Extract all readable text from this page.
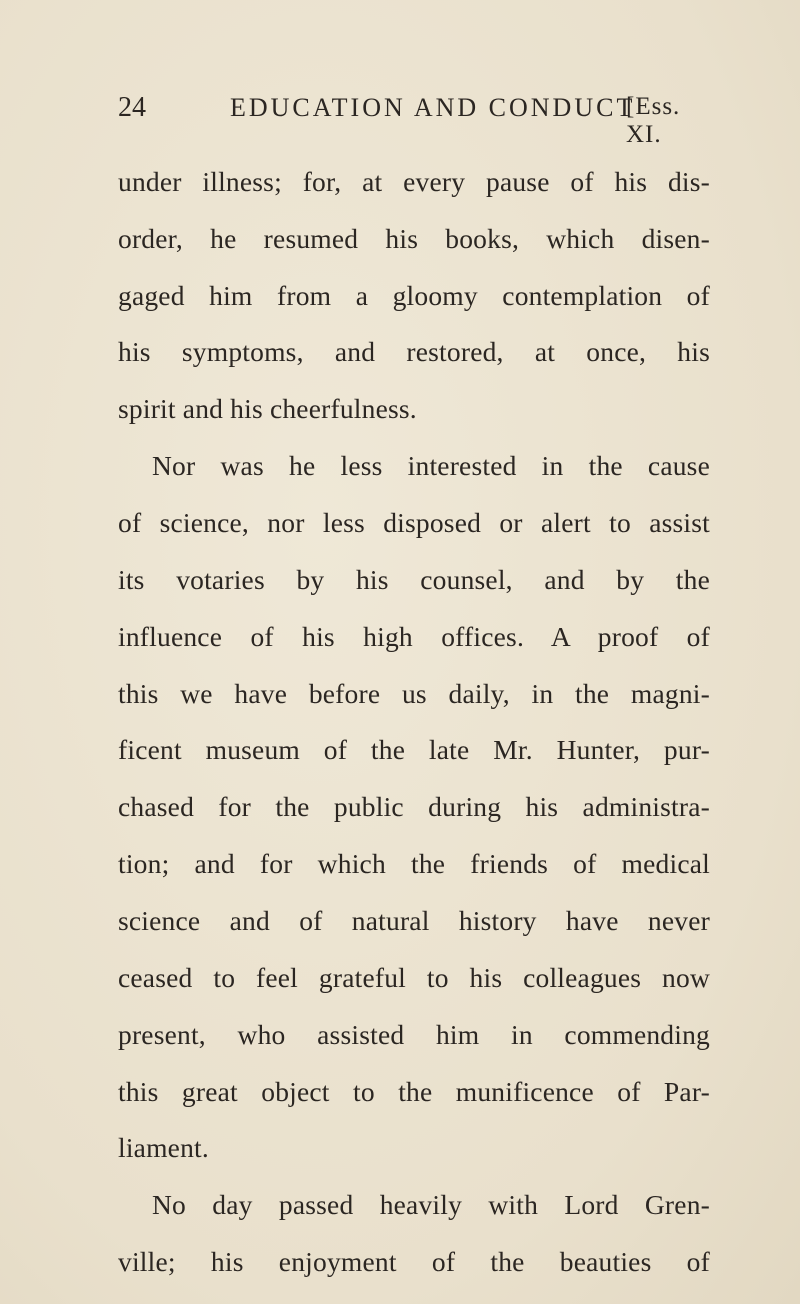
24	EDUCATION AND CONDUCT
[Ess. XI.
under illness; for, at every pause of his dis-
order, he resumed his books, which disen-
gaged him from a gloomy contemplation of
his symptoms, and restored, at once, his
spirit and his cheerfulness.
Nor was he less interested in the cause
of science, nor less disposed or alert to assist
its votaries by his counsel, and by the
influence of his high offices. A proof of
this we have before us daily, in the magni-
ficent museum of the late Mr. Hunter, pur-
chased for the public during his administra-
tion; and for which the friends of medical
science and of natural history have never
ceased to feel grateful to his colleagues now
present, who assisted him in commending
this great object to the munificence of Par-
liament.
No day passed heavily with Lord Gren-
ville; his enjoyment of the beauties of
